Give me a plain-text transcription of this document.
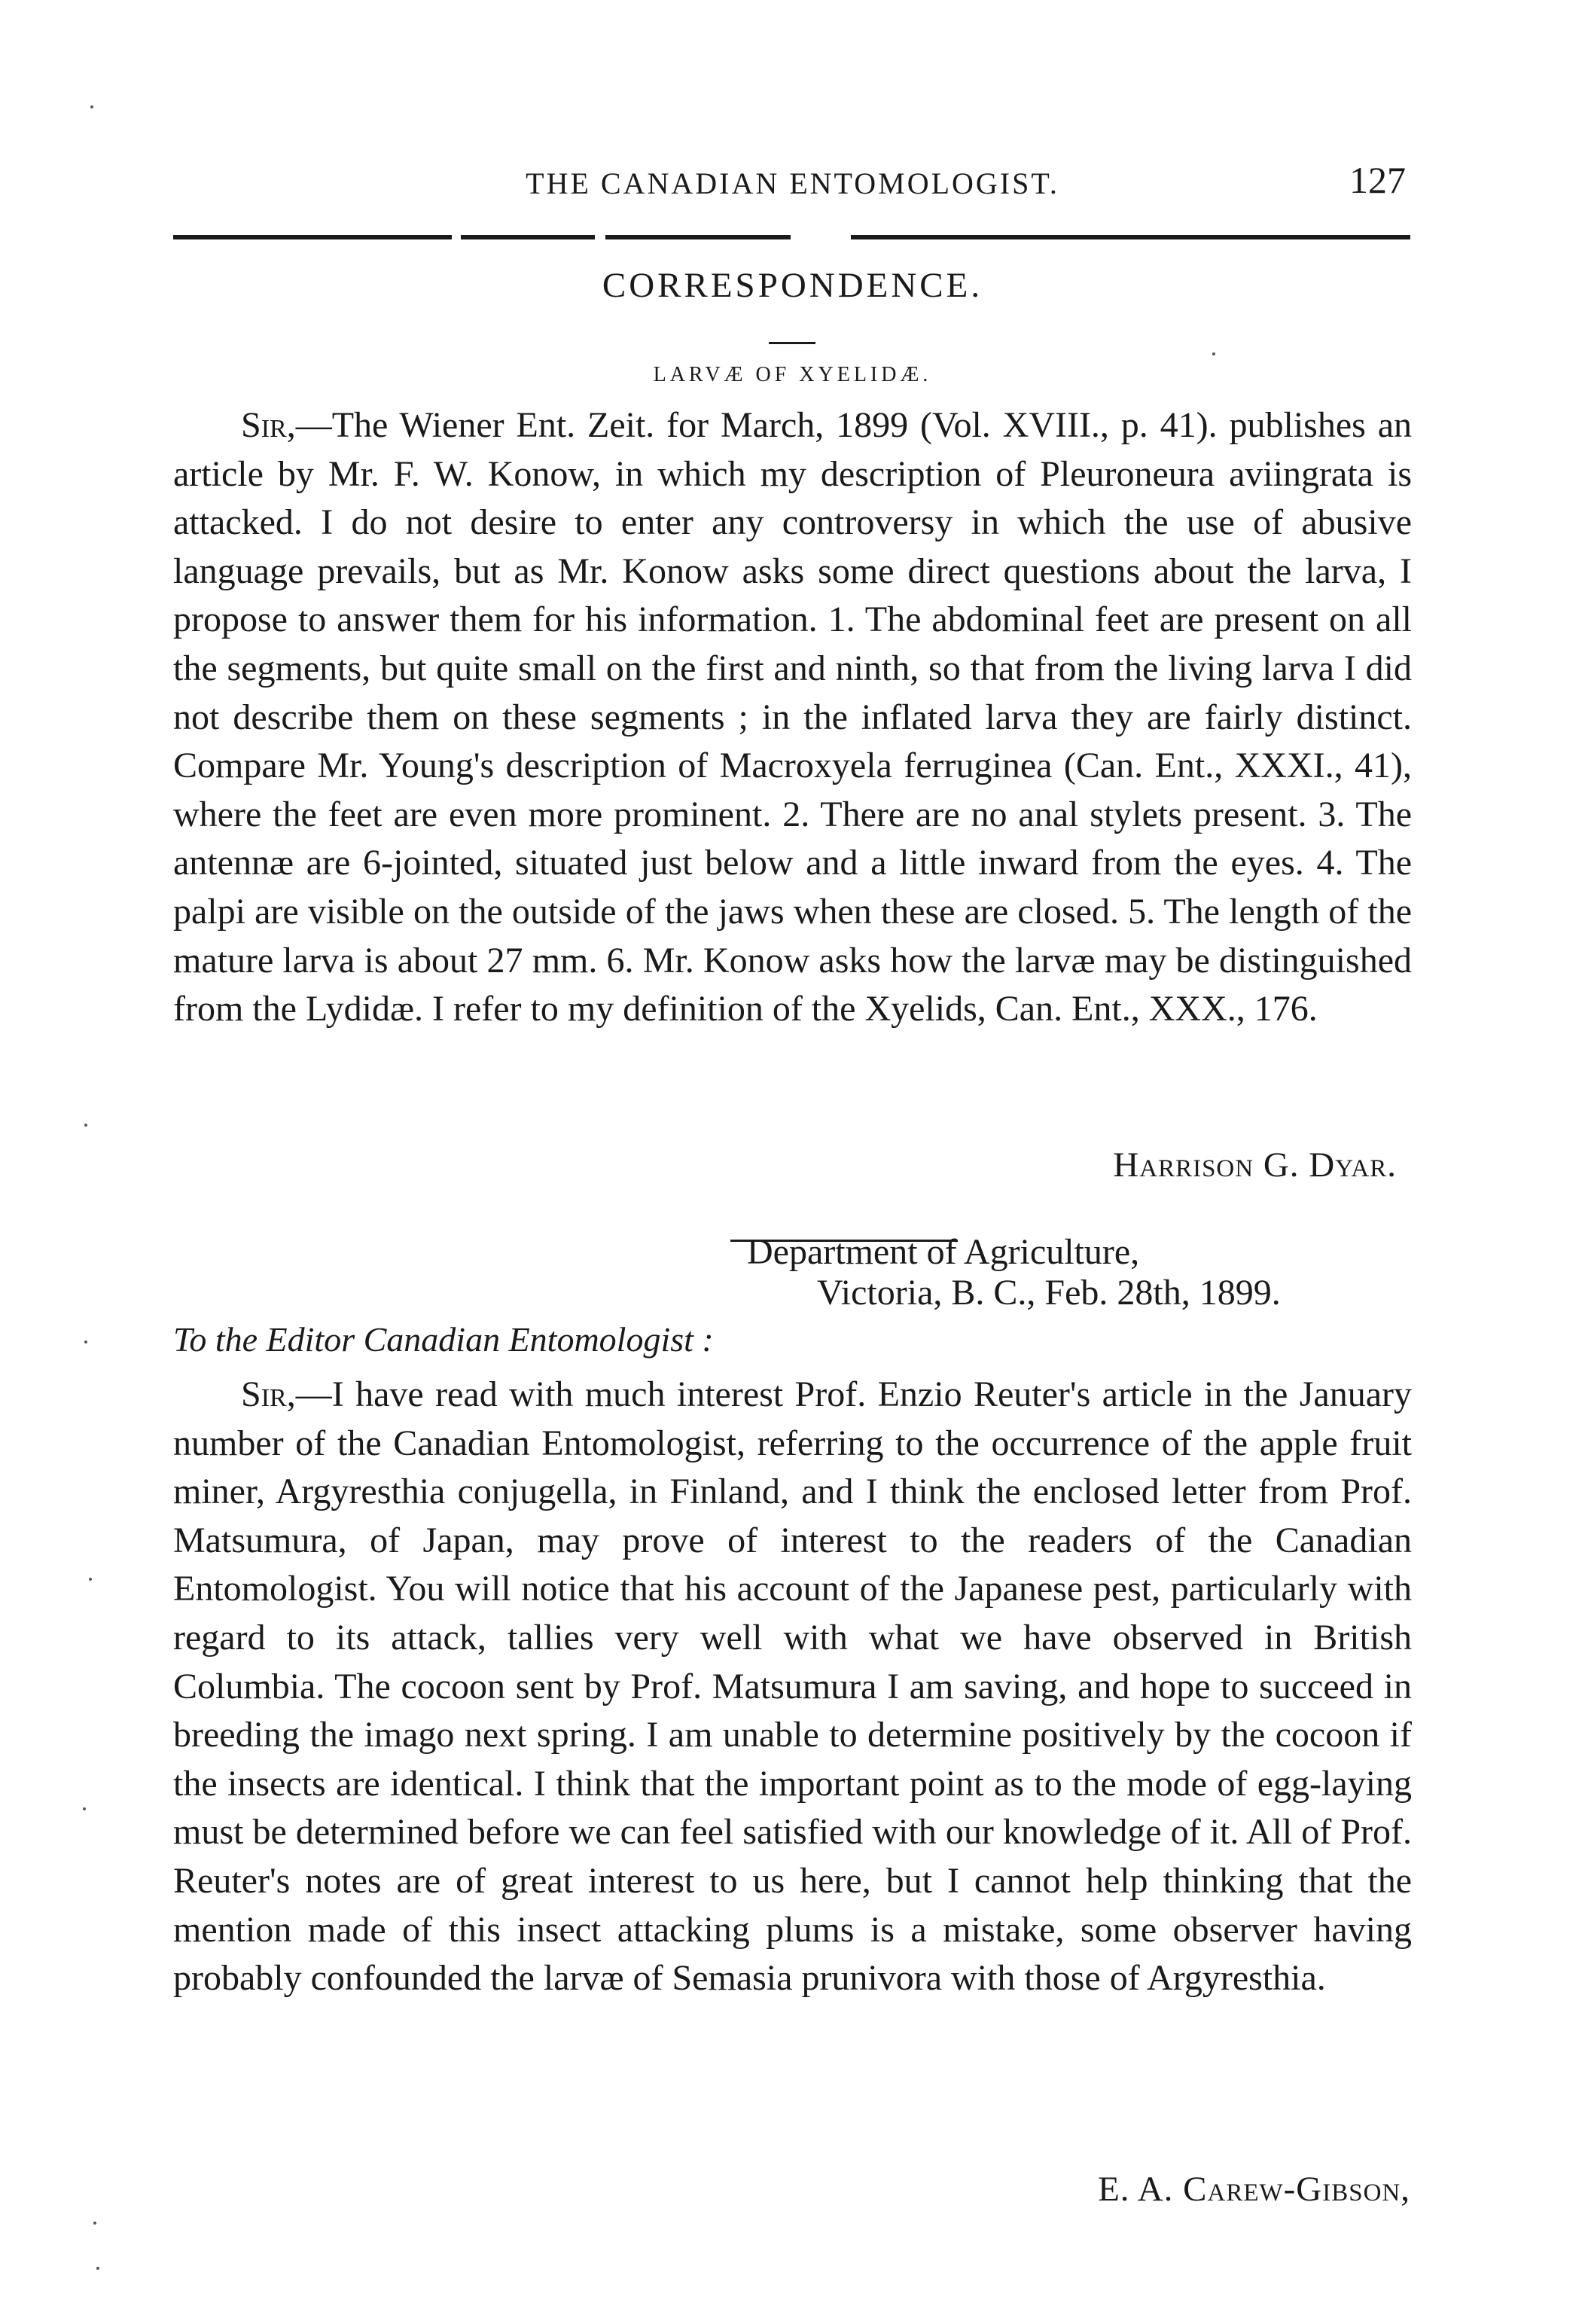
THE CANADIAN ENTOMOLOGIST.	127
CORRESPONDENCE.
LARVÆ OF XYELIDÆ.

Sir,—The Wiener Ent. Zeit. for March, 1899 (Vol. XVIII., p. 41). publishes an article by Mr. F. W. Konow, in which my description of Pleuroneura aviingrata is attacked. I do not desire to enter any controversy in which the use of abusive language prevails, but as Mr. Konow asks some direct questions about the larva, I propose to answer them for his information. 1. The abdominal feet are present on all the segments, but quite small on the first and ninth, so that from the living larva I did not describe them on these segments ; in the inflated larva they are fairly distinct. Compare Mr. Young's description of Macroxyela ferruginea (Can. Ent., XXXI., 41), where the feet are even more prominent. 2. There are no anal stylets present. 3. The antennæ are 6-jointed, situated just below and a little inward from the eyes. 4. The palpi are visible on the outside of the jaws when these are closed. 5. The length of the mature larva is about 27 mm. 6. Mr. Konow asks how the larvæ may be distinguished from the Lydidæ. I refer to my definition of the Xyelids, Can. Ent., XXX., 176.

Harrison G. Dyar.
Department of Agriculture,
Victoria, B. C., Feb. 28th, 1899.
To the Editor Canadian Entomologist :

Sir,—I have read with much interest Prof. Enzio Reuter's article in the January number of the Canadian Entomologist, referring to the occurrence of the apple fruit miner, Argyresthia conjugella, in Finland, and I think the enclosed letter from Prof. Matsumura, of Japan, may prove of interest to the readers of the Canadian Entomologist. You will notice that his account of the Japanese pest, particularly with regard to its attack, tallies very well with what we have observed in British Columbia. The cocoon sent by Prof. Matsumura I am saving, and hope to succeed in breeding the imago next spring. I am unable to determine positively by the cocoon if the insects are identical. I think that the important point as to the mode of egg-laying must be determined before we can feel satisfied with our knowledge of it. All of Prof. Reuter's notes are of great interest to us here, but I cannot help thinking that the mention made of this insect attacking plums is a mistake, some observer having probably confounded the larvæ of Semasia prunivora with those of Argyresthia.

E. A. Carew-Gibson,
